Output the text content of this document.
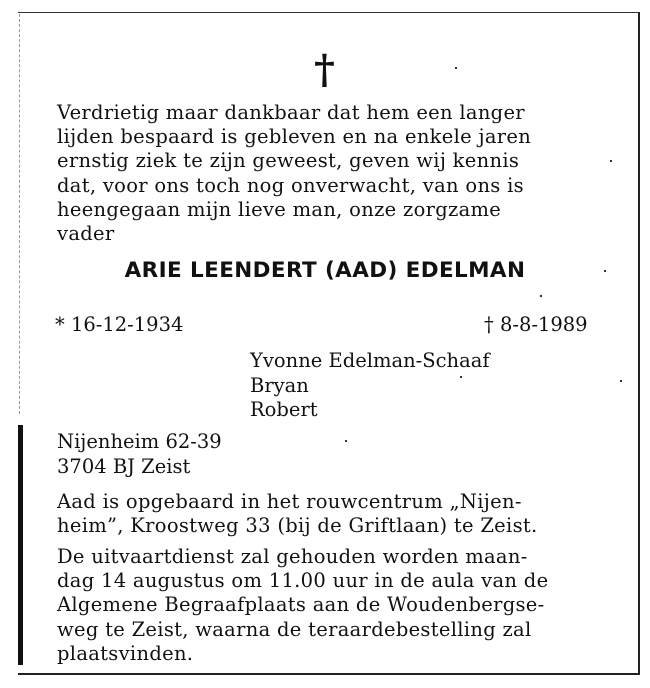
†
Verdrietig maar dankbaar dat hem een langer
lijden bespaard is gebleven en na enkele jaren
ernstig ziek te zijn geweest, geven wij kennis
dat, voor ons toch nog onverwacht, van ons is
heengegaan mijn lieve man, onze zorgzame
vader
ARIE LEENDERT (AAD) EDELMAN
* 16-12-1934	† 8-8-1989
Yvonne Edelman-Schaaf
Bryan
Robert
Nijenheim 62-39
3704 BJ Zeist
Aad is opgebaard in het rouwcentrum „Nijen-
heim”, Kroostweg 33 (bij de Griftlaan) te Zeist.
De uitvaartdienst zal gehouden worden maan-
dag 14 augustus om 11.00 uur in de aula van de
Algemene Begraafplaats aan de Woudenbergse-
weg te Zeist, waarna de teraardebestelling zal
plaatsvinden.
